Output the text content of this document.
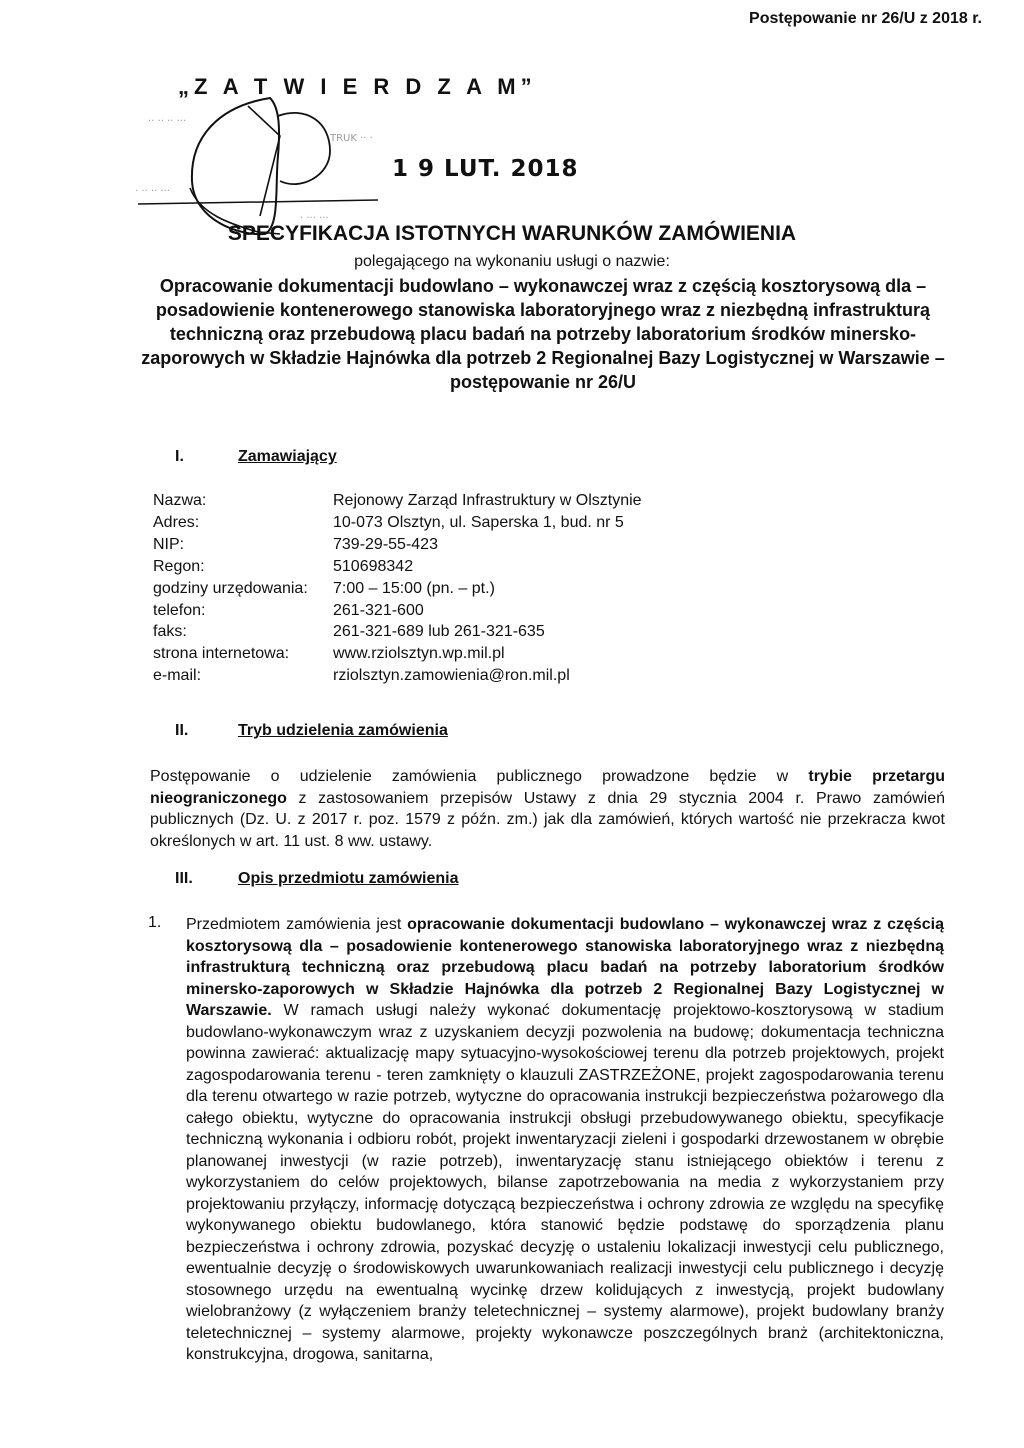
Postępowanie nr 26/U z 2018 r.
„Z A T W I E R D Z A M”
·· ·· ·· ···
TRUK ·· ·
· ·· ·· ···
· ··· ···
1 9 LUT. 2018
SPECYFIKACJA ISTOTNYCH WARUNKÓW ZAMÓWIENIA
polegającego na wykonaniu usługi o nazwie:
Opracowanie dokumentacji budowlano – wykonawczej wraz z częścią kosztorysową dla – posadowienie kontenerowego stanowiska laboratoryjnego wraz z niezbędną infrastrukturą techniczną oraz przebudową placu badań na potrzeby laboratorium środków minersko-zaporowych w Składzie Hajnówka dla potrzeb 2 Regionalnej Bazy Logistycznej w Warszawie – postępowanie nr 26/U
I.	Zamawiający
Nazwa:	Rejonowy Zarząd Infrastruktury w Olsztynie
Adres:	10-073 Olsztyn, ul. Saperska 1, bud. nr 5
NIP:	739-29-55-423
Regon:	510698342
godziny urzędowania:	7:00 – 15:00 (pn. – pt.)
telefon:	261-321-600
faks:	261-321-689 lub 261-321-635
strona internetowa:	www.rziolsztyn.wp.mil.pl
e-mail:	rziolsztyn.zamowienia@ron.mil.pl
II.	Tryb udzielenia zamówienia
Postępowanie o udzielenie zamówienia publicznego prowadzone będzie w trybie przetargu nieograniczonego z zastosowaniem przepisów Ustawy z dnia 29 stycznia 2004 r. Prawo zamówień publicznych (Dz. U. z 2017 r. poz. 1579 z późn. zm.) jak dla zamówień, których wartość nie przekracza kwot określonych w art. 11 ust. 8 ww. ustawy.
III.	Opis przedmiotu zamówienia
1. Przedmiotem zamówienia jest opracowanie dokumentacji budowlano – wykonawczej wraz z częścią kosztorysową dla – posadowienie kontenerowego stanowiska laboratoryjnego wraz z niezbędną infrastrukturą techniczną oraz przebudową placu badań na potrzeby laboratorium środków minersko-zaporowych w Składzie Hajnówka dla potrzeb 2 Regionalnej Bazy Logistycznej w Warszawie. W ramach usługi należy wykonać dokumentację projektowo-kosztorysową w stadium budowlano-wykonawczym wraz z uzyskaniem decyzji pozwolenia na budowę; dokumentacja techniczna powinna zawierać: aktualizację mapy sytuacyjno-wysokościowej terenu dla potrzeb projektowych, projekt zagospodarowania terenu - teren zamknięty o klauzuli ZASTRZEŻONE, projekt zagospodarowania terenu dla terenu otwartego w razie potrzeb, wytyczne do opracowania instrukcji bezpieczeństwa pożarowego dla całego obiektu, wytyczne do opracowania instrukcji obsługi przebudowywanego obiektu, specyfikacje techniczną wykonania i odbioru robót, projekt inwentaryzacji zieleni i gospodarki drzewostanem w obrębie planowanej inwestycji (w razie potrzeb), inwentaryzację stanu istniejącego obiektów i terenu z wykorzystaniem do celów projektowych, bilanse zapotrzebowania na media z wykorzystaniem przy projektowaniu przyłączy, informację dotyczącą bezpieczeństwa i ochrony zdrowia ze względu na specyfikę wykonywanego obiektu budowlanego, która stanowić będzie podstawę do sporządzenia planu bezpieczeństwa i ochrony zdrowia, pozyskać decyzję o ustaleniu lokalizacji inwestycji celu publicznego, ewentualnie decyzję o środowiskowych uwarunkowaniach realizacji inwestycji celu publicznego i decyzję stosownego urzędu na ewentualną wycinkę drzew kolidujących z inwestycją, projekt budowlany wielobranżowy (z wyłączeniem branży teletechnicznej – systemy alarmowe), projekt budowlany branży teletechnicznej – systemy alarmowe, projekty wykonawcze poszczególnych branż (architektoniczna, konstrukcyjna, drogowa, sanitarna,
